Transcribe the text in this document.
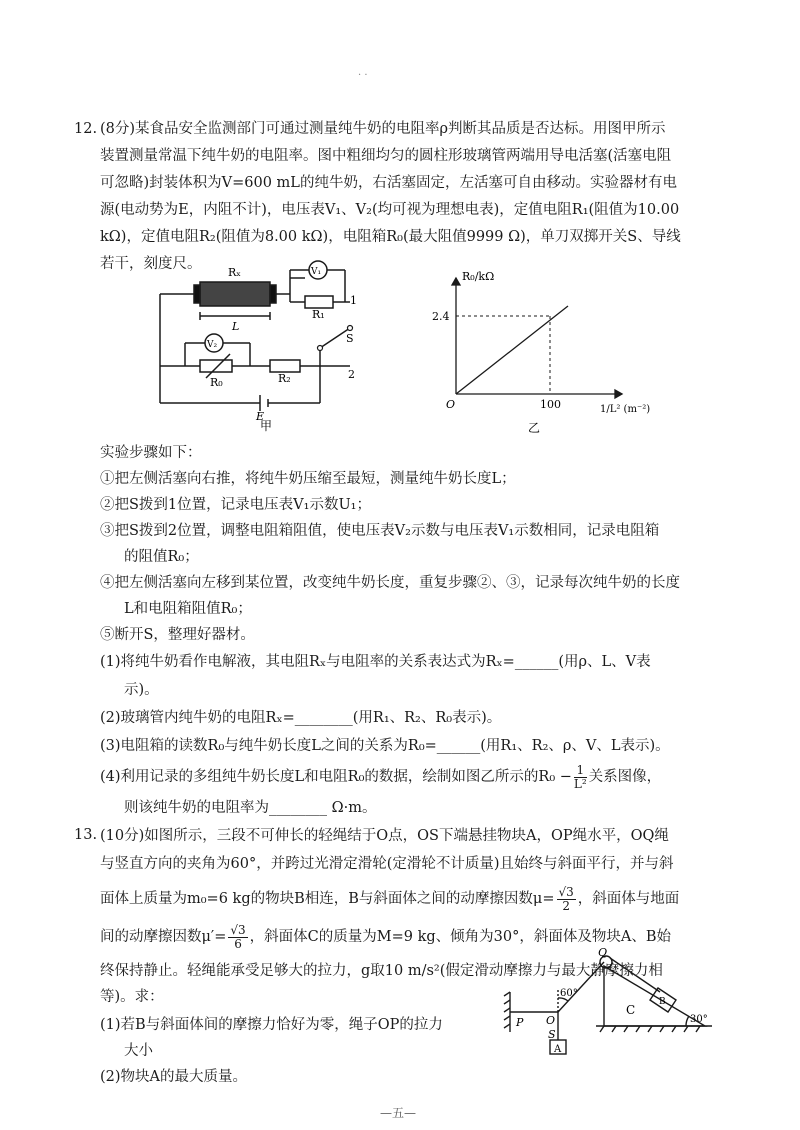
· ·
12. (8分)某食品安全监测部门可通过测量纯牛奶的电阻率ρ判断其品质是否达标。用图甲所示
装置测量常温下纯牛奶的电阻率。图中粗细均匀的圆柱形玻璃管两端用导电活塞(活塞电阻
可忽略)封装体积为V=600 mL的纯牛奶，右活塞固定，左活塞可自由移动。实验器材有电
源(电动势为E，内阻不计)，电压表V₁、V₂(均可视为理想电表)，定值电阻R₁(阻值为10.00
kΩ)，定值电阻R₂(阻值为8.00 kΩ)，电阻箱R₀(最大阻值9999 Ω)，单刀双掷开关S、导线
若干，刻度尺。
Rₓ
L
R₁
V₁
1
V₂	S
R₀	R₂	2
E
甲
R₀/kΩ
2.4
O	100	1/L² (m⁻²)
乙
实验步骤如下：
①把左侧活塞向右推，将纯牛奶压缩至最短，测量纯牛奶长度L；
②把S拨到1位置，记录电压表V₁示数U₁；
③把S拨到2位置，调整电阻箱阻值，使电压表V₂示数与电压表V₁示数相同，记录电阻箱
的阻值R₀；
④把左侧活塞向左移到某位置，改变纯牛奶长度，重复步骤②、③，记录每次纯牛奶的长度
L和电阻箱阻值R₀；
⑤断开S，整理好器材。
(1)将纯牛奶看作电解液，其电阻Rₓ与电阻率的关系表达式为Rₓ=______(用ρ、L、V表
示)。
(2)玻璃管内纯牛奶的电阻Rₓ=________(用R₁、R₂、R₀表示)。
(3)电阻箱的读数R₀与纯牛奶长度L之间的关系为R₀=______(用R₁、R₂、ρ、V、L表示)。
(4)利用记录的多组纯牛奶长度L和电阻R₀的数据，绘制如图乙所示的$R_0 - \frac{1}{\text{L²}}$ 关系图像，
则该纯牛奶的电阻率为________ Ω·m。
13. (10分)如图所示，三段不可伸长的轻绳结于O点，OS下端悬挂物块A，OP绳水平，OQ绳
与竖直方向的夹角为60°，并跨过光滑定滑轮(定滑轮不计质量)且始终与斜面平行，并与斜
面体上质量为m₀=6 kg的物块B相连，B与斜面体之间的动摩擦因数$\mu= \frac{√3}{2}$ ，斜面体与地面
间的动摩擦因数$\mu'= \frac{√3}{6}$ ，斜面体C的质量为M=9 kg、倾角为30°，斜面体及物块A、B始
终保持静止。轻绳能承受足够大的拉力，g取10 m/s²(假定滑动摩擦力与最大静摩擦力相
等)。求：
(1)若B与斜面体间的摩擦力恰好为零，绳子OP的拉力
大小
(2)物块A的最大质量。
P O
S
A
Q
B
C
60°
30°
—五—
